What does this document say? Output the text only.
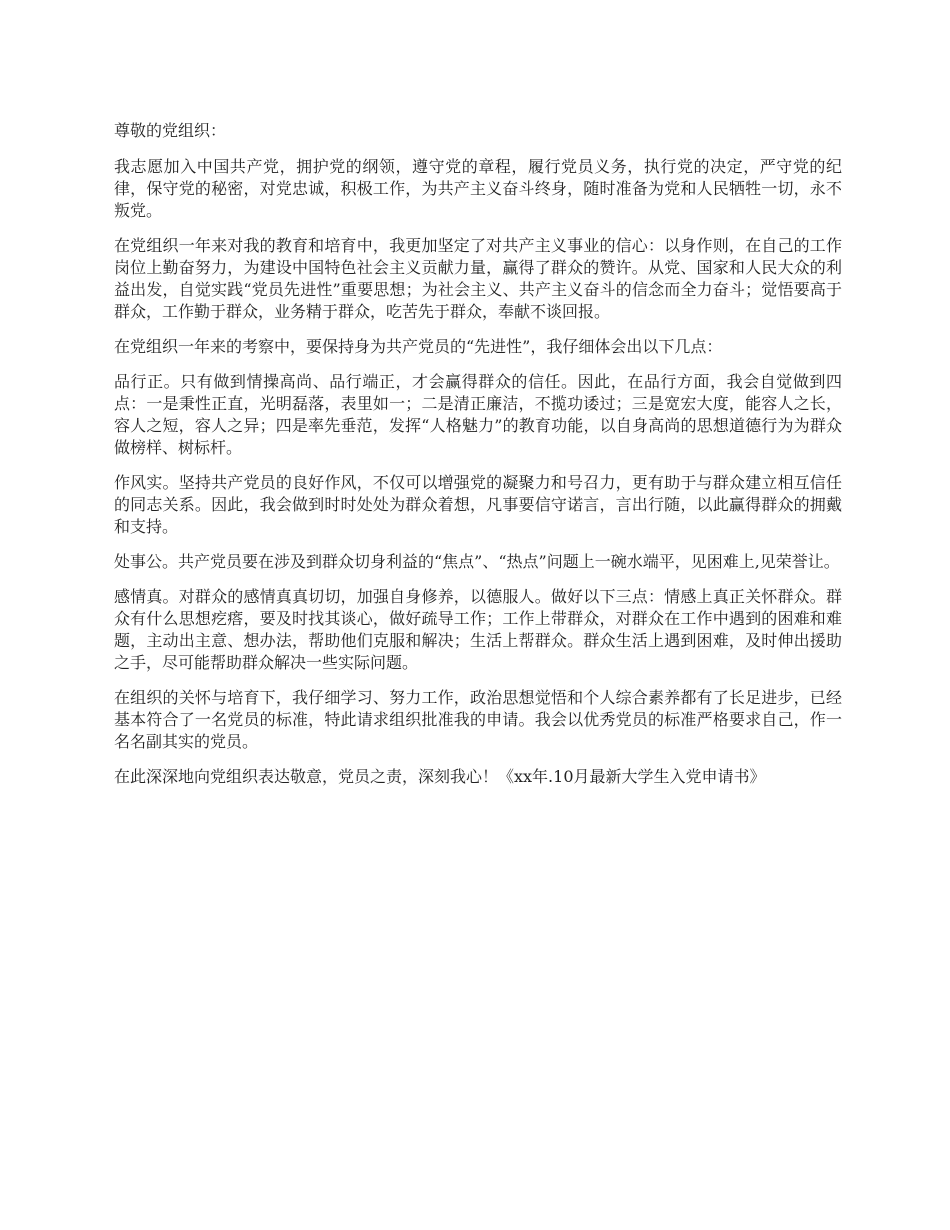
尊敬的党组织：

我志愿加入中国共产党，拥护党的纲领，遵守党的章程，履行党员义务，执行党的决定，严守党的纪律，保守党的秘密，对党忠诚，积极工作，为共产主义奋斗终身，随时准备为党和人民牺牲一切，永不叛党。

在党组织一年来对我的教育和培育中，我更加坚定了对共产主义事业的信心：以身作则，在自己的工作岗位上勤奋努力，为建设中国特色社会主义贡献力量，赢得了群众的赞许。从党、国家和人民大众的利益出发，自觉实践“党员先进性”重要思想；为社会主义、共产主义奋斗的信念而全力奋斗；觉悟要高于群众，工作勤于群众，业务精于群众，吃苦先于群众，奉献不谈回报。

在党组织一年来的考察中，要保持身为共产党员的“先进性”，我仔细体会出以下几点：

品行正。只有做到情操高尚、品行端正，才会赢得群众的信任。因此，在品行方面，我会自觉做到四点：一是秉性正直，光明磊落，表里如一；二是清正廉洁，不揽功诿过；三是宽宏大度，能容人之长，容人之短，容人之异；四是率先垂范，发挥“人格魅力”的教育功能，以自身高尚的思想道德行为为群众做榜样、树标杆。

作风实。坚持共产党员的良好作风，不仅可以增强党的凝聚力和号召力，更有助于与群众建立相互信任的同志关系。因此，我会做到时时处处为群众着想，凡事要信守诺言，言出行随，以此赢得群众的拥戴和支持。

处事公。共产党员要在涉及到群众切身利益的“焦点”、“热点”问题上一碗水端平，见困难上,见荣誉让。

感情真。对群众的感情真真切切，加强自身修养，以德服人。做好以下三点：情感上真正关怀群众。群众有什么思想疙瘩，要及时找其谈心，做好疏导工作；工作上带群众，对群众在工作中遇到的困难和难题，主动出主意、想办法，帮助他们克服和解决；生活上帮群众。群众生活上遇到困难，及时伸出援助之手，尽可能帮助群众解决一些实际问题。

在组织的关怀与培育下，我仔细学习、努力工作，政治思想觉悟和个人综合素养都有了长足进步，已经基本符合了一名党员的标准，特此请求组织批准我的申请。我会以优秀党员的标准严格要求自己，作一名名副其实的党员。

在此深深地向党组织表达敬意，党员之责，深刻我心！《xx年.10月最新大学生入党申请书》
